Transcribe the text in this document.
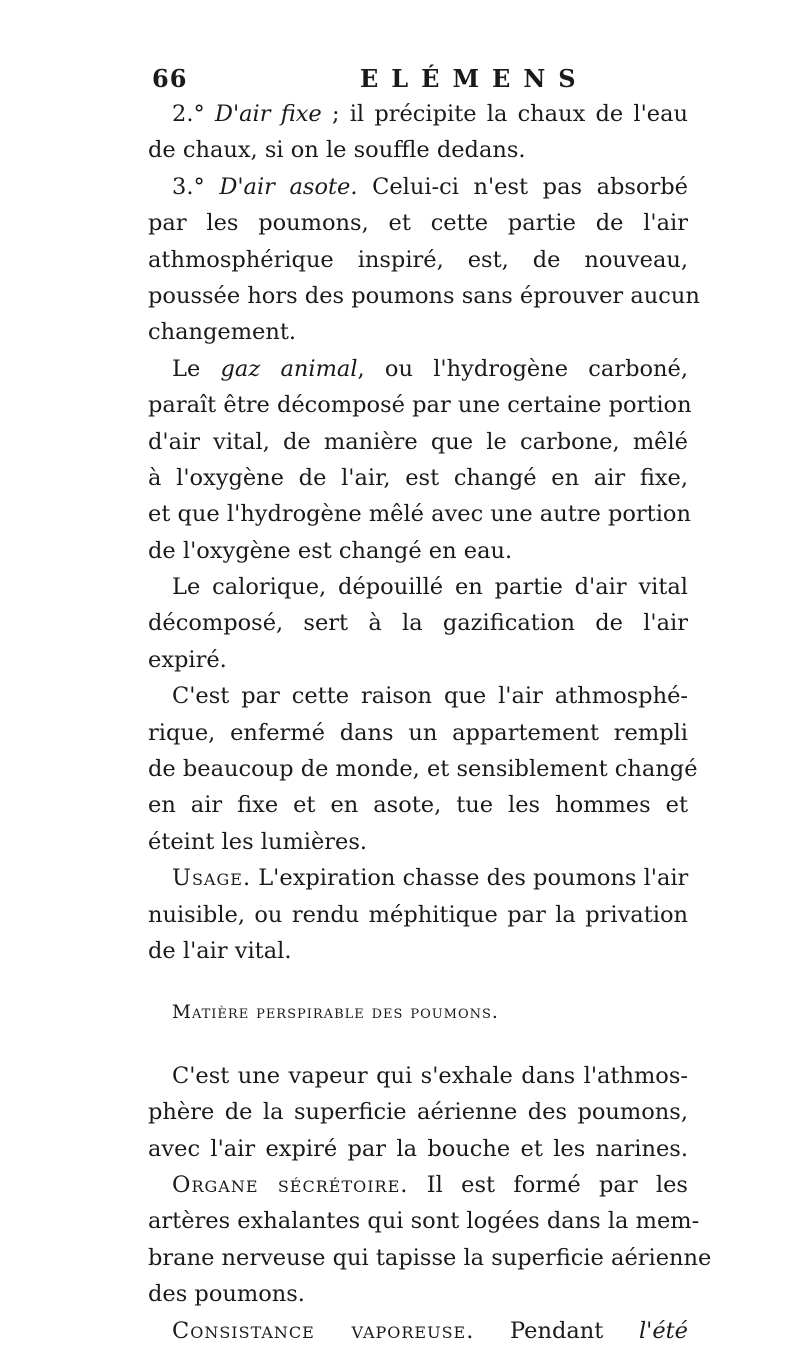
66	ELÉMENS
2.° D'air fixe ; il précipite la chaux de l'eau
de chaux, si on le souffle dedans.
3.° D'air asote. Celui-ci n'est pas absorbé
par les poumons, et cette partie de l'air
athmosphérique inspiré, est, de nouveau,
poussée hors des poumons sans éprouver aucun
changement.
Le gaz animal, ou l'hydrogène carboné,
paraît être décomposé par une certaine portion
d'air vital, de manière que le carbone, mêlé
à l'oxygène de l'air, est changé en air fixe,
et que l'hydrogène mêlé avec une autre portion
de l'oxygène est changé en eau.
Le calorique, dépouillé en partie d'air vital
décomposé, sert à la gazification de l'air
expiré.
C'est par cette raison que l'air athmosphé-
rique, enfermé dans un appartement rempli
de beaucoup de monde, et sensiblement changé
en air fixe et en asote, tue les hommes et
éteint les lumières.
Usage. L'expiration chasse des poumons l'air
nuisible, ou rendu méphitique par la privation
de l'air vital.
Matière perspirable des poumons.
C'est une vapeur qui s'exhale dans l'athmos-
phère de la superficie aérienne des poumons,
avec l'air expiré par la bouche et les narines.
Organe sécrétoire. Il est formé par les
artères exhalantes qui sont logées dans la mem-
brane nerveuse qui tapisse la superficie aérienne
des poumons.
Consistance vaporeuse. Pendant l'été
